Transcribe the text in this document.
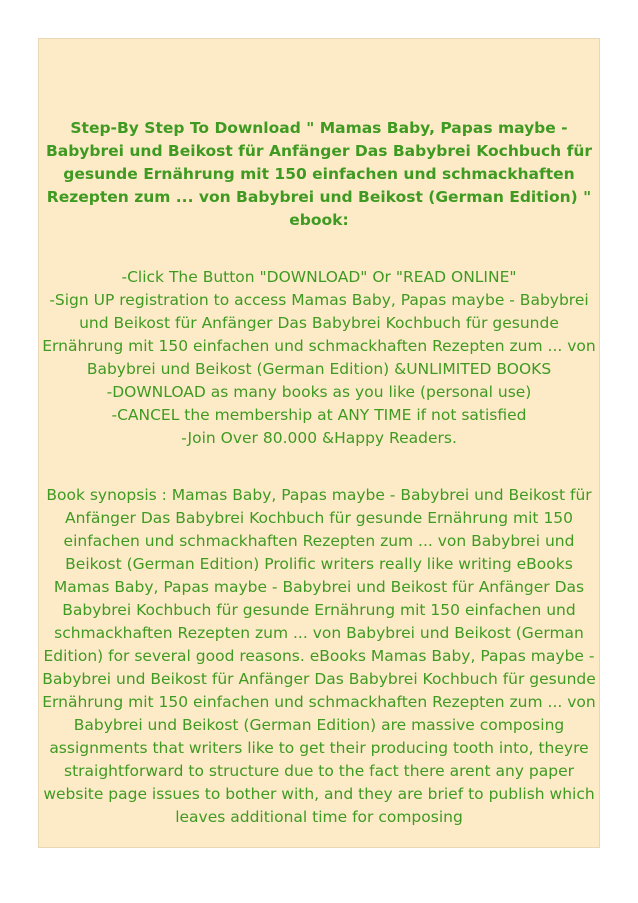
Step-By Step To Download " Mamas Baby, Papas maybe - Babybrei und Beikost für Anfänger Das Babybrei Kochbuch für gesunde Ernährung mit 150 einfachen und schmackhaften Rezepten zum ... von Babybrei und Beikost (German Edition) " ebook:

-Click The Button "DOWNLOAD" Or "READ ONLINE"
-Sign UP registration to access Mamas Baby, Papas maybe - Babybrei und Beikost für Anfänger Das Babybrei Kochbuch für gesunde Ernährung mit 150 einfachen und schmackhaften Rezepten zum ... von Babybrei und Beikost (German Edition) &UNLIMITED BOOKS
-DOWNLOAD as many books as you like (personal use)
-CANCEL the membership at ANY TIME if not satisfied
-Join Over 80.000 &Happy Readers.
Book synopsis : Mamas Baby, Papas maybe - Babybrei und Beikost für Anfänger Das Babybrei Kochbuch für gesunde Ernährung mit 150 einfachen und schmackhaften Rezepten zum ... von Babybrei und Beikost (German Edition) Prolific writers really like writing eBooks Mamas Baby, Papas maybe - Babybrei und Beikost für Anfänger Das Babybrei Kochbuch für gesunde Ernährung mit 150 einfachen und schmackhaften Rezepten zum ... von Babybrei und Beikost (German Edition) for several good reasons. eBooks Mamas Baby, Papas maybe - Babybrei und Beikost für Anfänger Das Babybrei Kochbuch für gesunde Ernährung mit 150 einfachen und schmackhaften Rezepten zum ... von Babybrei und Beikost (German Edition) are massive composing assignments that writers like to get their producing tooth into, theyre straightforward to structure due to the fact there arent any paper website page issues to bother with, and they are brief to publish which leaves additional time for composing
